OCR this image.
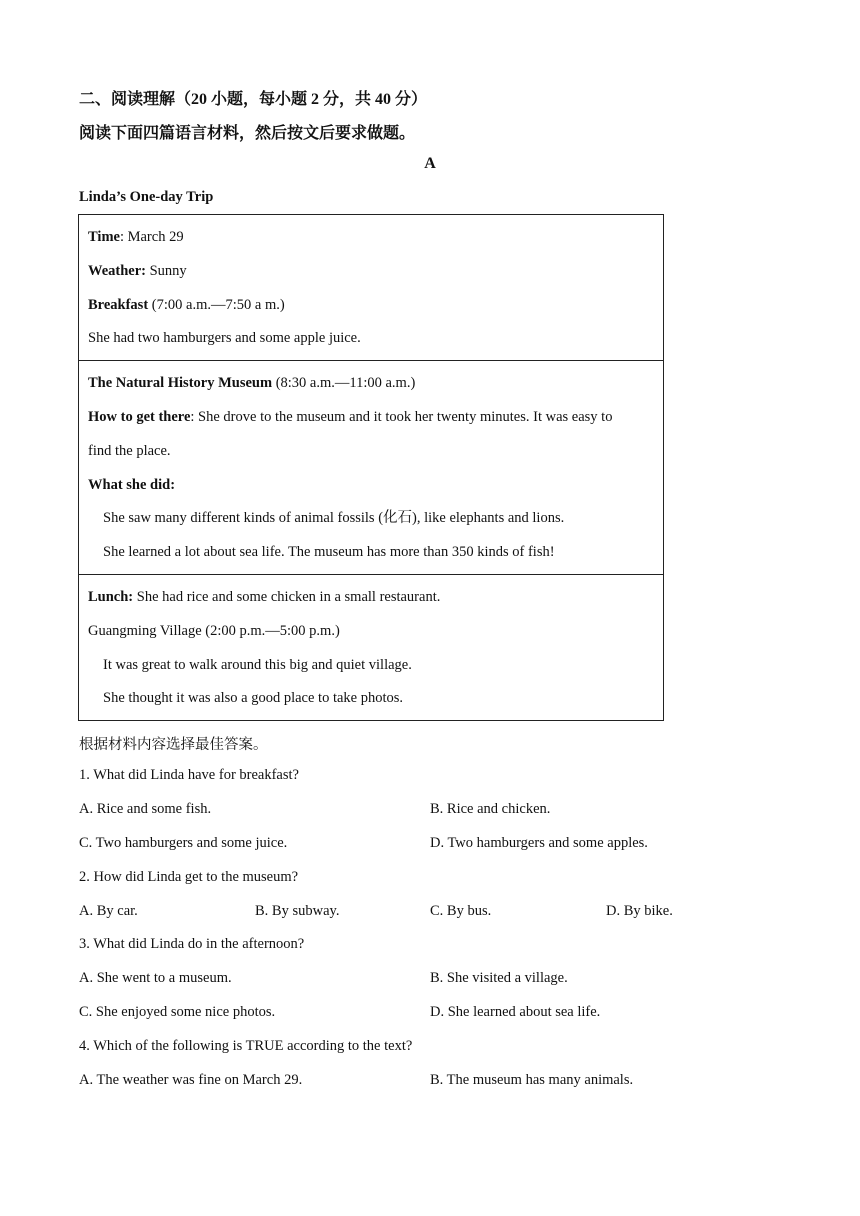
二、阅读理解（20 小题，每小题 2 分，共 40 分）
阅读下面四篇语言材料，然后按文后要求做题。
A
Linda’s One-day Trip
Time: March 29
Weather: Sunny
Breakfast (7:00 a.m.—7:50 a m.)
She had two hamburgers and some apple juice.
The Natural History Museum (8:30 a.m.—11:00 a.m.)
How to get there: She drove to the museum and it took her twenty minutes. It was easy to
find the place.
What she did:
She saw many different kinds of animal fossils (化石), like elephants and lions.
She learned a lot about sea life. The museum has more than 350 kinds of fish!
Lunch: She had rice and some chicken in a small restaurant.
Guangming Village (2:00 p.m.—5:00 p.m.)
It was great to walk around this big and quiet village.
She thought it was also a good place to take photos.
根据材料内容选择最佳答案。
1. What did Linda have for breakfast?
A. Rice and some fish.	B. Rice and chicken.
C. Two hamburgers and some juice.	D. Two hamburgers and some apples.
2. How did Linda get to the museum?
A. By car.	B. By subway.	C. By bus.	D. By bike.
3. What did Linda do in the afternoon?
A. She went to a museum.	B. She visited a village.
C. She enjoyed some nice photos.	D. She learned about sea life.
4. Which of the following is TRUE according to the text?
A. The weather was fine on March 29.	B. The museum has many animals.
